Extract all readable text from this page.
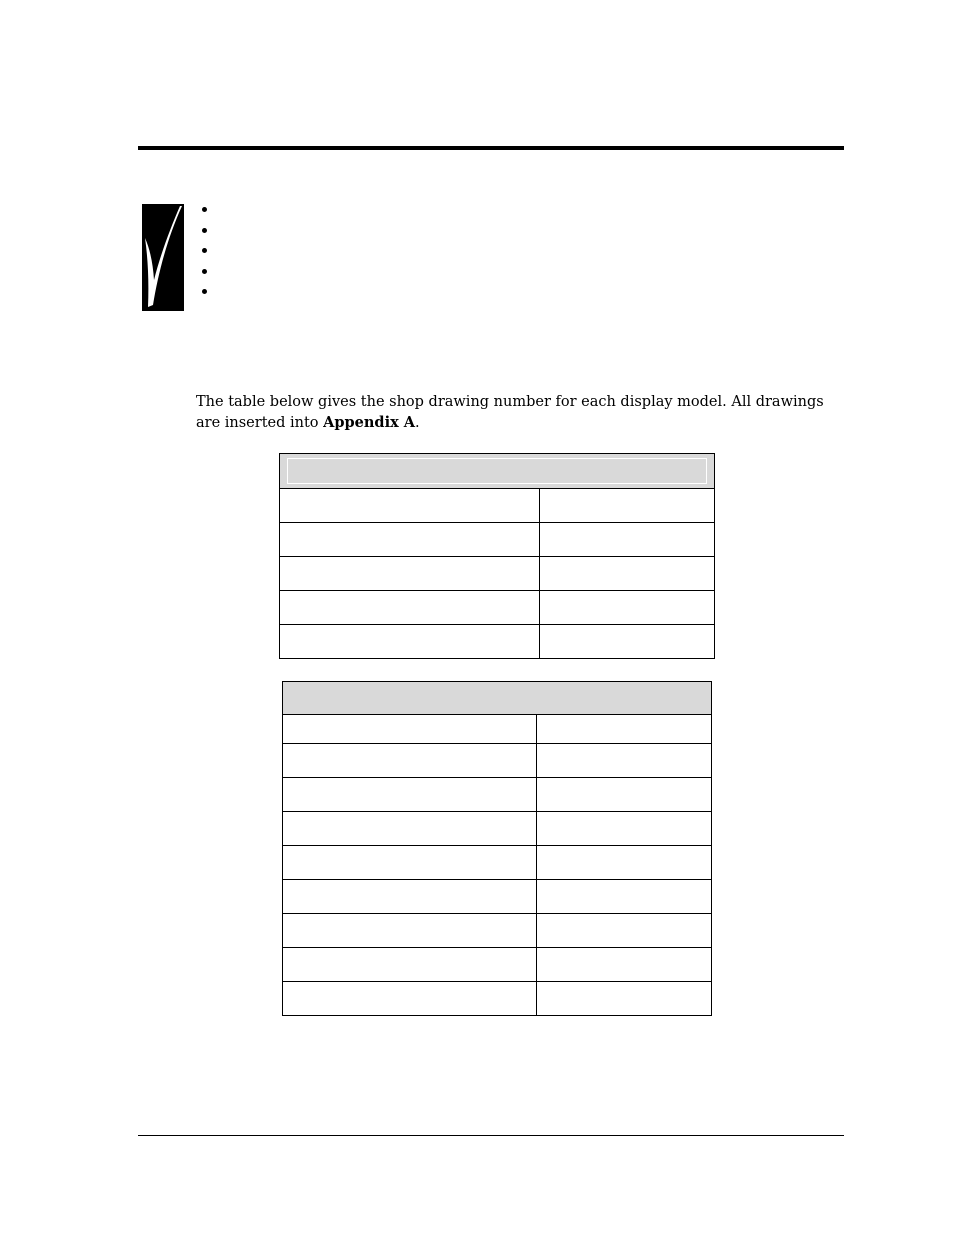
The table below gives the shop drawing number for each display model. All drawings are inserted into Appendix A.
